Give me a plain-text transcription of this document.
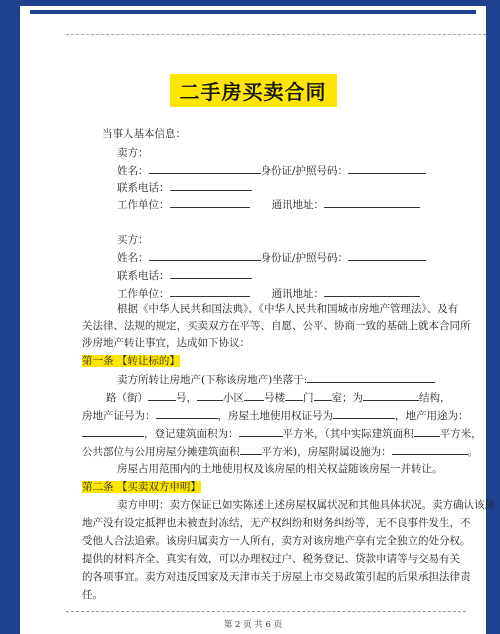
二手房买卖合同
当事人基本信息：
卖方：
姓名：	身份证/护照号码：
联系电话：
工作单位：	通讯地址：
买方：
姓名：	身份证/护照号码：
联系电话：
工作单位：	通讯地址：
根据《中华人民共和国法典》、《中华人民共和国城市房地产管理法》、及有
关法律、法规的规定，买卖双方在平等、自愿、公平、协商一致的基础上就本合同所
涉房地产转让事宜，达成如下协议：
第一条 【转让标的】
卖方所转让房地产(下称该房地产)坐落于:
路（街）	号， 小区 号楼 门 室；为	结构，
房地产证号为：	，房屋土地使用权证号为	，地产用途为：
，登记建筑面积为：	平方米，（其中实际建筑面积 平方米，
公共部位与公用房屋分摊建筑面积 平方米)，房屋附属设施为：	。
房屋占用范围内的土地使用权及该房屋的相关权益随该房屋一并转让。
第二条 【买卖双方申明】
卖方申明：卖方保证已如实陈述上述房屋权属状况和其他具体状况。卖方确认该房
地产没有设定抵押也未被查封冻结，无产权纠纷和财务纠纷等，无不良事件发生，不
受他人合法追索。该房归属卖方一人所有，卖方对该房地产享有完全独立的处分权。
提供的材料齐全、真实有效，可以办理权过户、税务登记、贷款申请等与交易有关
的各项事宜。卖方对违反国家及天津市关于房屋上市交易政策引起的后果承担法律责
任。
第 2 页 共 6 页
